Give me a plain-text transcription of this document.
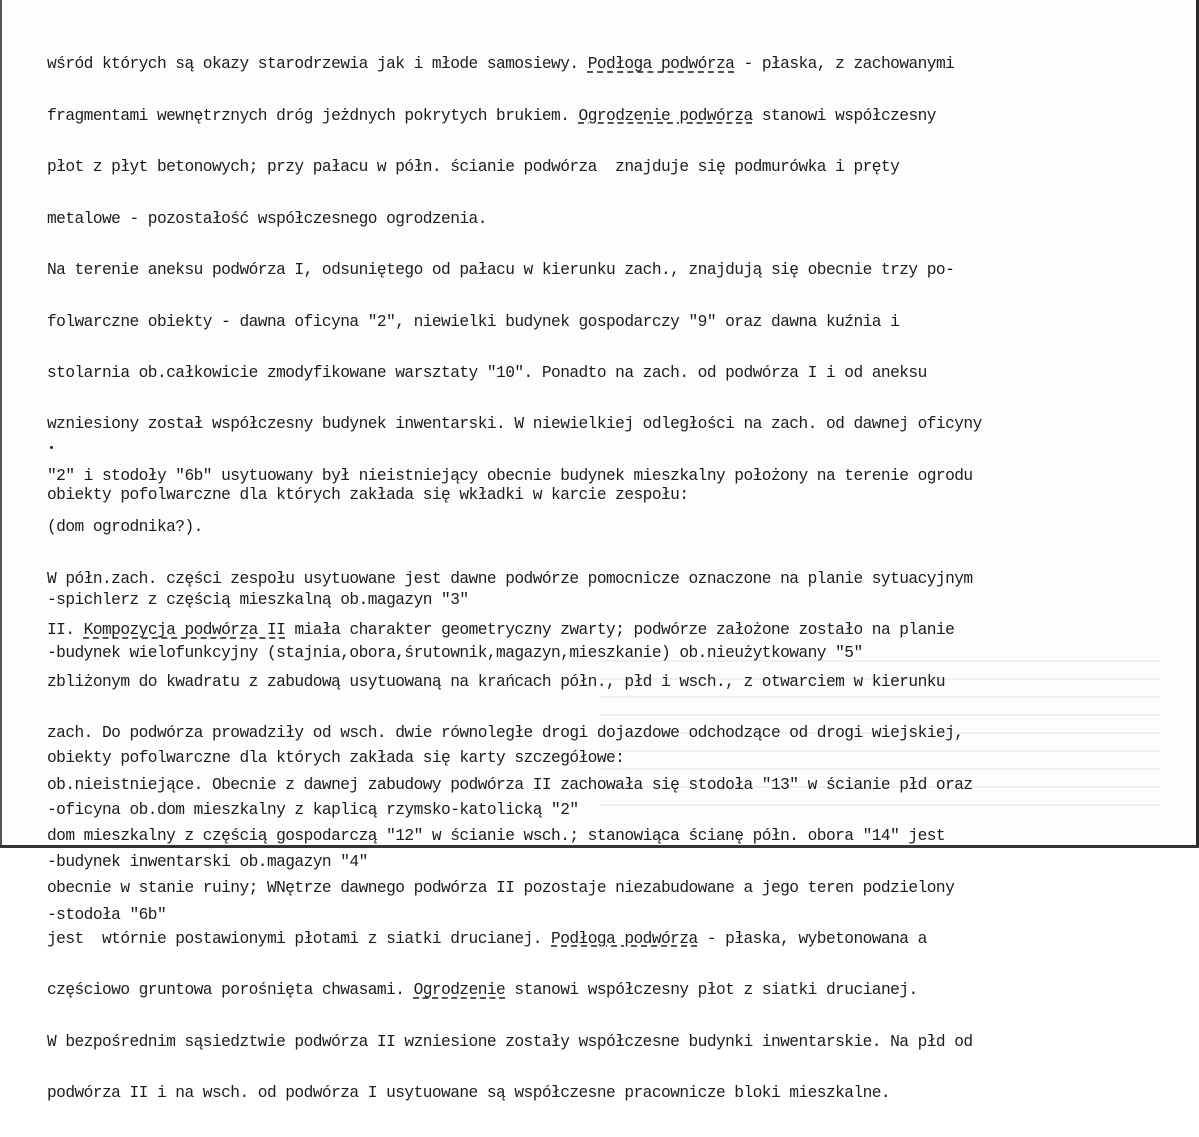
wśród których są okazy starodrzewia jak i młode samosiewy. Podłoga podwórza - płaska, z zachowanymi

fragmentami wewnętrznych dróg jeżdnych pokrytych brukiem. Ogrodzenie podwórza stanowi współczesny

płot z płyt betonowych; przy pałacu w półn. ścianie podwórza  znajduje się podmurówka i pręty

metalowe - pozostałość współczesnego ogrodzenia.

Na terenie aneksu podwórza I, odsuniętego od pałacu w kierunku zach., znajdują się obecnie trzy po-

folwarczne obiekty - dawna oficyna "2", niewielki budynek gospodarczy "9" oraz dawna kuźnia i

stolarnia ob.całkowicie zmodyfikowane warsztaty "10". Ponadto na zach. od podwórza I i od aneksu

wzniesiony został współczesny budynek inwentarski. W niewielkiej odległości na zach. od dawnej oficyny

"2" i stodoły "6b" usytuowany był nieistniejący obecnie budynek mieszkalny położony na terenie ogrodu

(dom ogrodnika?).

W półn.zach. części zespołu usytuowane jest dawne podwórze pomocnicze oznaczone na planie sytuacyjnym

II. Kompozycja podwórza II miała charakter geometryczny zwarty; podwórze założone zostało na planie

zbliżonym do kwadratu z zabudową usytuowaną na krańcach półn., płd i wsch., z otwarciem w kierunku

zach. Do podwórza prowadziły od wsch. dwie równoległe drogi dojazdowe odchodzące od drogi wiejskiej,

ob.nieistniejące. Obecnie z dawnej zabudowy podwórza II zachowała się stodoła "13" w ścianie płd oraz

dom mieszkalny z częścią gospodarczą "12" w ścianie wsch.; stanowiąca ścianę półn. obora "14" jest

obecnie w stanie ruiny; WNętrze dawnego podwórza II pozostaje niezabudowane a jego teren podzielony

jest  wtórnie postawionymi płotami z siatki drucianej. Podłoga podwórza - płaska, wybetonowana a

częściowo gruntowa porośnięta chwasami. Ogrodzenie stanowi współczesny płot z siatki drucianej.

W bezpośrednim sąsiedztwie podwórza II wzniesione zostały współczesne budynki inwentarskie. Na płd od

podwórza II i na wsch. od podwórza I usytuowane są współczesne pracownicze bloki mieszkalne.

obiekty pofolwarczne dla których zakłada się wkładki w karcie zespołu:

-spichlerz z częścią mieszkalną ob.magazyn "3"

-budynek wielofunkcyjny (stajnia,obora,śrutownik,magazyn,mieszkanie) ob.nieużytkowany "5"

obiekty pofolwarczne dla których zakłada się karty szczegółowe:

-oficyna ob.dom mieszkalny z kaplicą rzymsko-katolicką "2"

-budynek inwentarski ob.magazyn "4"

-stodoła "6b"
